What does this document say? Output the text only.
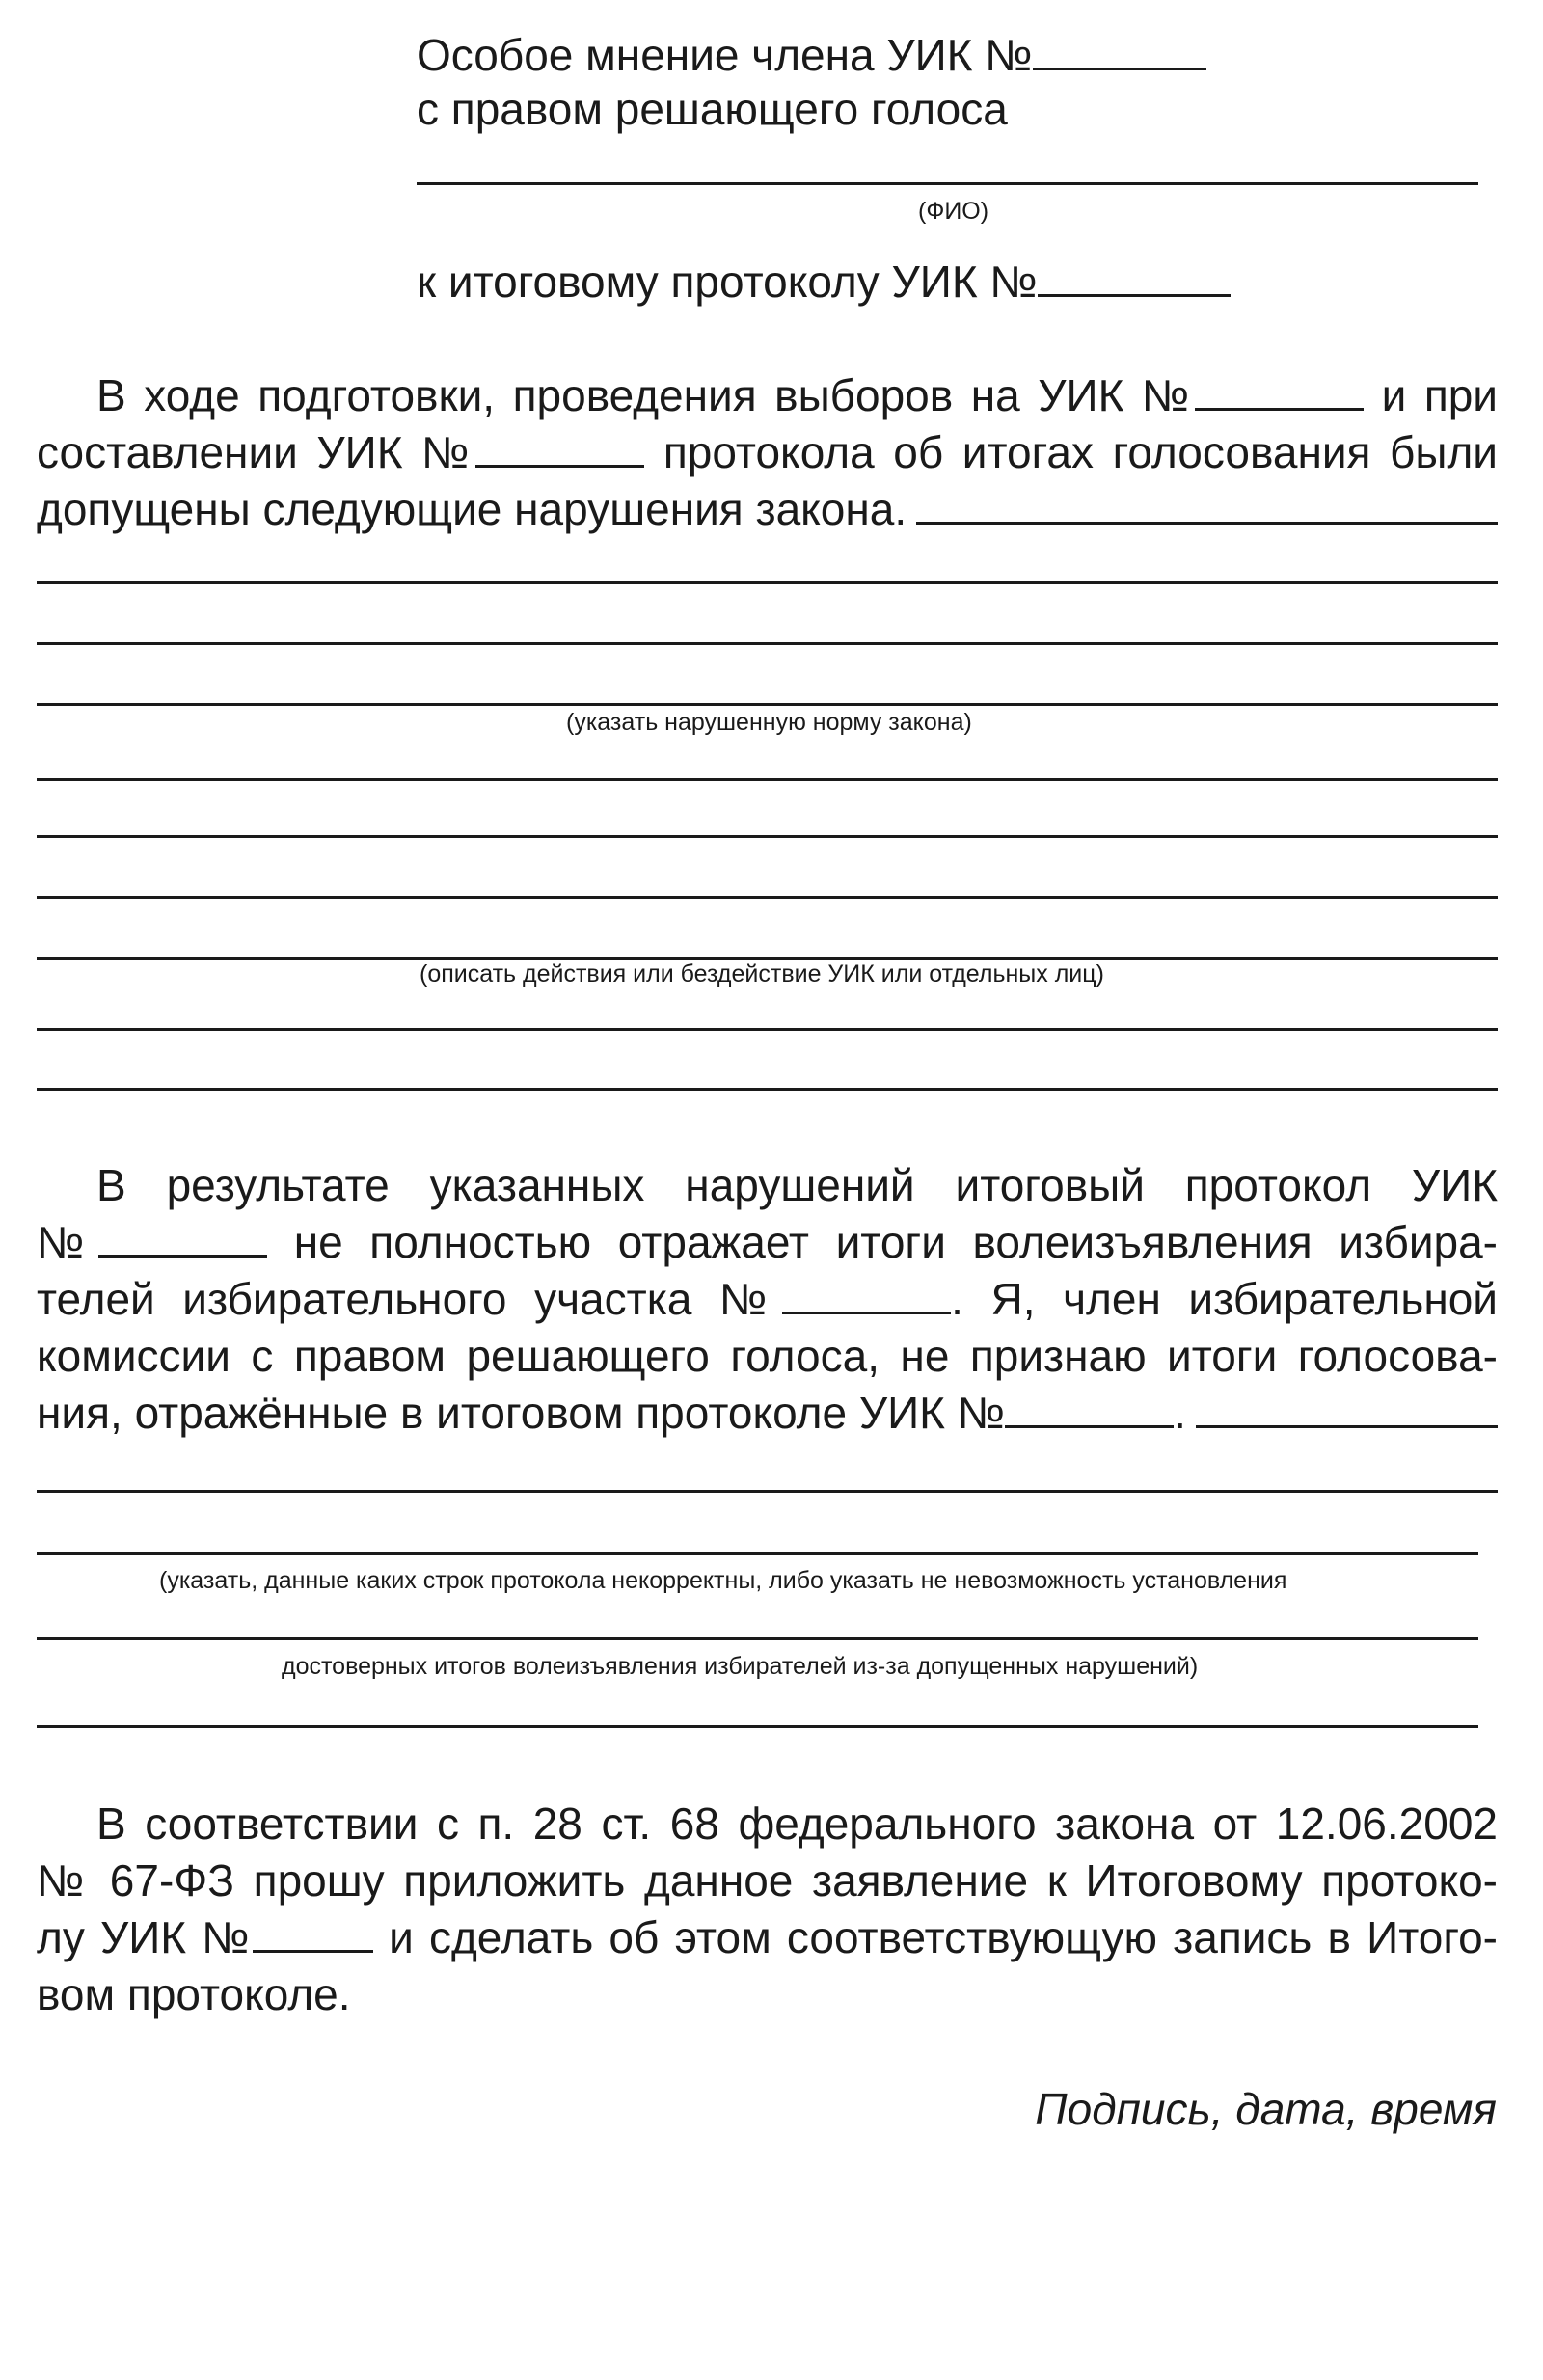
Особое мнение члена УИК №
с правом решающего голоса
(ФИО)
к итоговому протоколу УИК №
В ходе подготовки, проведения выборов на УИК №	и при
составлении УИК №	протокола об итогах голосования были
допущены следующие нарушения закона.
(указать нарушенную норму закона)
(описать действия или бездействие УИК или отдельных лиц)
В результате указанных нарушений итоговый протокол УИК
№	не полностью отражает итоги волеизъявления избира-
телей избирательного участка №	. Я, член избирательной
комиссии с правом решающего голоса, не признаю итоги голосова-
ния, отражённые в итоговом протоколе УИК №	.
(указать, данные каких строк протокола некорректны, либо указать не невозможность установления
достоверных итогов волеизъявления избирателей из-за допущенных нарушений)
В соответствии с п. 28 ст. 68 федерального закона от 12.06.2002
№ 67-ФЗ прошу приложить данное заявление к Итоговому протоко-
лу УИК №	и сделать об этом соответствующую запись в Итого-
вом протоколе.
Подпись, дата, время
